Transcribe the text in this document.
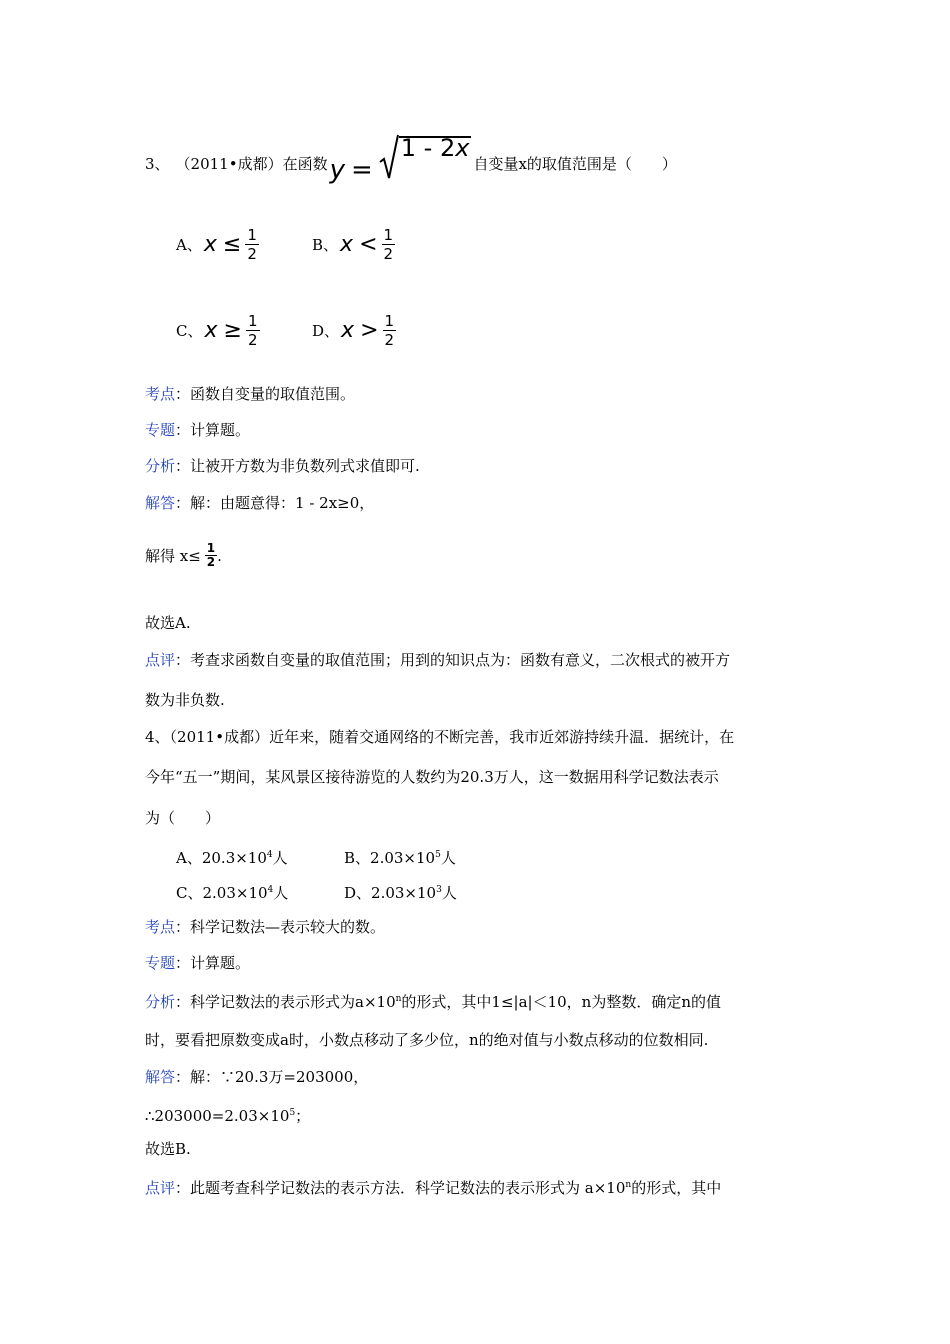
3、 （2011•成都） 在函数 y =
1 - 2x
自变量x的取值范围是（　　）
A、 $x \le \frac{1}{2}$	B、 $x < \frac{1}{2}$
C、 $x \ge \frac{1}{2}$	D、 $x > \frac{1}{2}$
考点：函数自变量的取值范围。
专题：计算题。
分析：让被开方数为非负数列式求值即可.
解答：解：由题意得：1 - 2x≥0，
解得 $x\le \frac{1}{2}$ .
故选A.
点评：考查求函数自变量的取值范围；用到的知识点为：函数有意义，二次根式的被开方
数为非负数.
4、（2011•成都）近年来，随着交通网络的不断完善，我市近郊游持续升温．据统计，在
今年“五一”期间，某风景区接待游览的人数约为20.3万人，这一数据用科学记数法表示
为（　　）
A、$20.3\times 10^4$人	B、$2.03\times 10^5$人
C、$2.03\times 10^4$人	D、$2.03\times 10^3$人
考点：科学记数法—表示较大的数。
专题：计算题。
分析：科学记数法的表示形式为$a\times 10^n$的形式，其中1≤|a|＜10，n为整数．确定n的值
时，要看把原数变成a时，小数点移动了多少位，n的绝对值与小数点移动的位数相同.
解答：解：∵20.3万=203000，
$\therefore 203000=2.03\times 10^5$；
故选B.
点评：此题考查科学记数法的表示方法．科学记数法的表示形式为 $a\times 10^n$的形式，其中
